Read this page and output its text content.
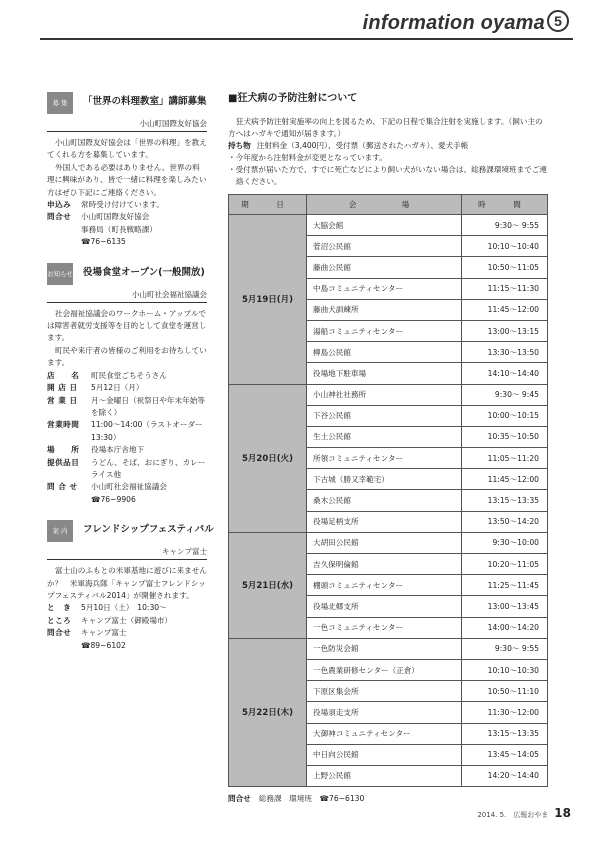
information oyama 5
募 集	「世界の料理教室」講師募集
小山町国際友好協会
小山町国際友好協会は「世界の料理」を教えてくれる方を募集しています。
外国人である必要はありません。世界の料理に興味があり、皆で一緒に料理を楽しみたい方はぜひ下記にご連絡ください。
申込み	常時受け付けています。
問合せ	小山町国際友好協会
事務局（町長戦略課）
☎76−6135
お知らせ 役場食堂オープン(一般開放)
小山町社会福祉協議会
社会福祉協議会のワークホーム・アップルでは障害者就労支援等を目的として食堂を運営します。
町民や来庁者の皆様のご利用をお待ちしています。
店　　名	町民食堂ごちそうさん
開 店 日	5月12日（月）
営 業 日	月〜金曜日（祝祭日や年末年始等を除く）
営業時間	11:00〜14:00（ラストオーダー13:30）
場　　所	役場本庁舎地下
提供品目	うどん、そば、おにぎり、カレーライス他
問 合 せ	小山町社会福祉協議会
☎76−9906
案 内	フレンドシップフェスティバル
キャンプ富士
富士山のふもとの米軍基地に遊びに来ませんか？　米軍海兵隊「キャンプ富士フレンドシップフェスティバル2014」が開催されます。
と　き	5月10日（土）　10:30〜
ところ	キャンプ富士（御殿場市）
問合せ	キャンプ富士
☎89−6102
■狂犬病の予防注射について
狂犬病予防注射実施率の向上を図るため、下記の日程で集合注射を実施します。（飼い主の方へはハガキで通知が届きます。）
持ち物 注射料金（3,400円）、受付票（郵送されたハガキ）、愛犬手帳
・今年度から注射料金が変更となっています。
・受付票が届いた方で、すでに死亡などにより飼い犬がいない場合は、総務課環境班までご連絡ください。
期　日	会　　場	時　間
5月19日(月)	大脇会館	9:30〜 9:55
	菅沼公民館	10:10〜10:40
	藤曲公民館	10:50〜11:05
	中島コミュニティセンター	11:15〜11:30
	藤曲犬訓練所	11:45〜12:00
	湯船コミュニティセンター	13:00〜13:15
	柳島公民館	13:30〜13:50
	役場地下駐車場	14:10〜14:40
5月20日(火)	小山神社社務所	9:30〜 9:45
	下谷公民館	10:00〜10:15
	生土公民館	10:35〜10:50
	所領コミュニティセンター	11:05〜11:20
	下古城（勝又幸範宅）	11:45〜12:00
	桑木公民館	13:15〜13:35
	役場足柄支所	13:50〜14:20
5月21日(水)	大胡田公民館	9:30〜10:00
	吉久保明倫館	10:20〜11:05
	棚頭コミュニティセンター	11:25〜11:45
	役場北郷支所	13:00〜13:45
	一色コミュニティセンター	14:00〜14:20
5月22日(木)	一色防災会館	9:30〜 9:55
	一色農業研修センター（正倉）	10:10〜10:30
	下原区集会所	10:50〜11:10
	役場須走支所	11:30〜12:00
	大御神コミュニティセンター	13:15〜13:35
	中日向公民館	13:45〜14:05
	上野公民館	14:20〜14:40
問合せ 総務課　環境班　☎76−6130
2014. 5.　広報おやま 18
